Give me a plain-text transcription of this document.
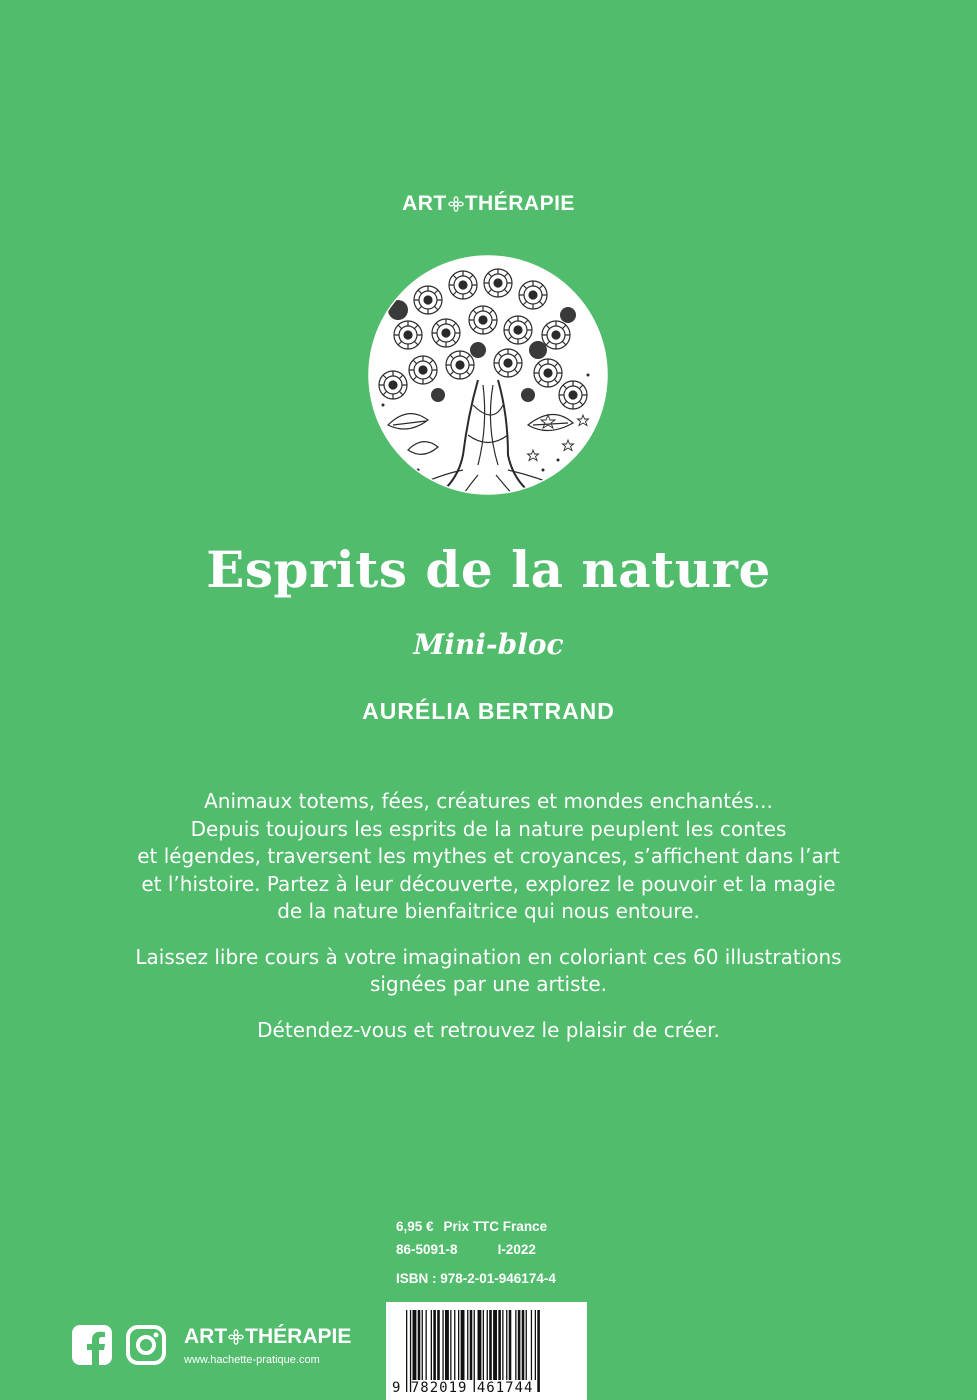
ART THÉRAPIE
Esprits de la nature
Mini-bloc
AURÉLIA BERTRAND

Animaux totems, fées, créatures et mondes enchantés...
Depuis toujours les esprits de la nature peuplent les contes
et légendes, traversent les mythes et croyances, s’affichent dans l’art
et l’histoire. Partez à leur découverte, explorez le pouvoir et la magie
de la nature bienfaitrice qui nous entoure.

Laissez libre cours à votre imagination en coloriant ces 60 illustrations
signées par une artiste.

Détendez-vous et retrouvez le plaisir de créer.

6,95 € Prix TTC France
86-5091-8	I-2022
ISBN : 978-2-01-946174-4
9 782019 461744
ART THÉRAPIE
www.hachette-pratique.com
